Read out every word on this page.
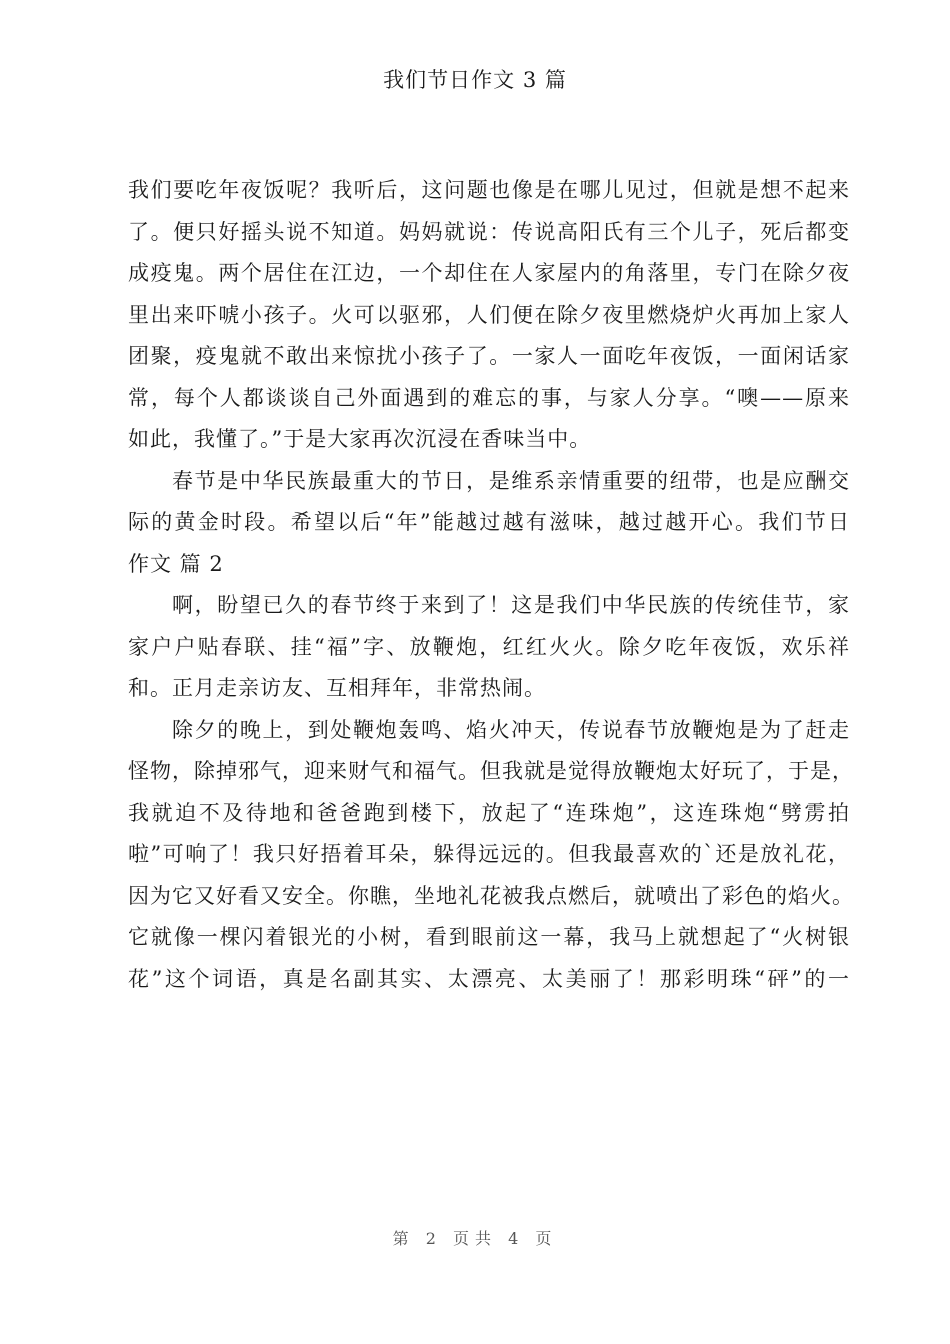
我们节日作文 3 篇
我们要吃年夜饭呢？我听后，这问题也像是在哪儿见过，但就是想不起来
了。便只好摇头说不知道。妈妈就说：传说高阳氏有三个儿子，死后都变
成疫鬼。两个居住在江边，一个却住在人家屋内的角落里，专门在除夕夜
里出来吓唬小孩子。火可以驱邪，人们便在除夕夜里燃烧炉火再加上家人
团聚，疫鬼就不敢出来惊扰小孩子了。一家人一面吃年夜饭，一面闲话家
常，每个人都谈谈自己外面遇到的难忘的事，与家人分享。“噢——原来
如此，我懂了。”于是大家再次沉浸在香味当中。
春节是中华民族最重大的节日，是维系亲情重要的纽带，也是应酬交
际的黄金时段。希望以后“年”能越过越有滋味，越过越开心。我们节日
作文 篇 2
啊，盼望已久的春节终于来到了！这是我们中华民族的传统佳节，家
家户户贴春联、挂“福”字、放鞭炮，红红火火。除夕吃年夜饭，欢乐祥
和。正月走亲访友、互相拜年，非常热闹。
除夕的晚上，到处鞭炮轰鸣、焰火冲天，传说春节放鞭炮是为了赶走
怪物，除掉邪气，迎来财气和福气。但我就是觉得放鞭炮太好玩了，于是，
我就迫不及待地和爸爸跑到楼下，放起了“连珠炮”，这连珠炮“劈雳拍
啦”可响了！我只好捂着耳朵，躲得远远的。但我最喜欢的`还是放礼花，
因为它又好看又安全。你瞧，坐地礼花被我点燃后，就喷出了彩色的焰火。
它就像一棵闪着银光的小树，看到眼前这一幕，我马上就想起了“火树银
花”这个词语，真是名副其实、太漂亮、太美丽了！那彩明珠“砰”的一
第 2 页共 4 页
